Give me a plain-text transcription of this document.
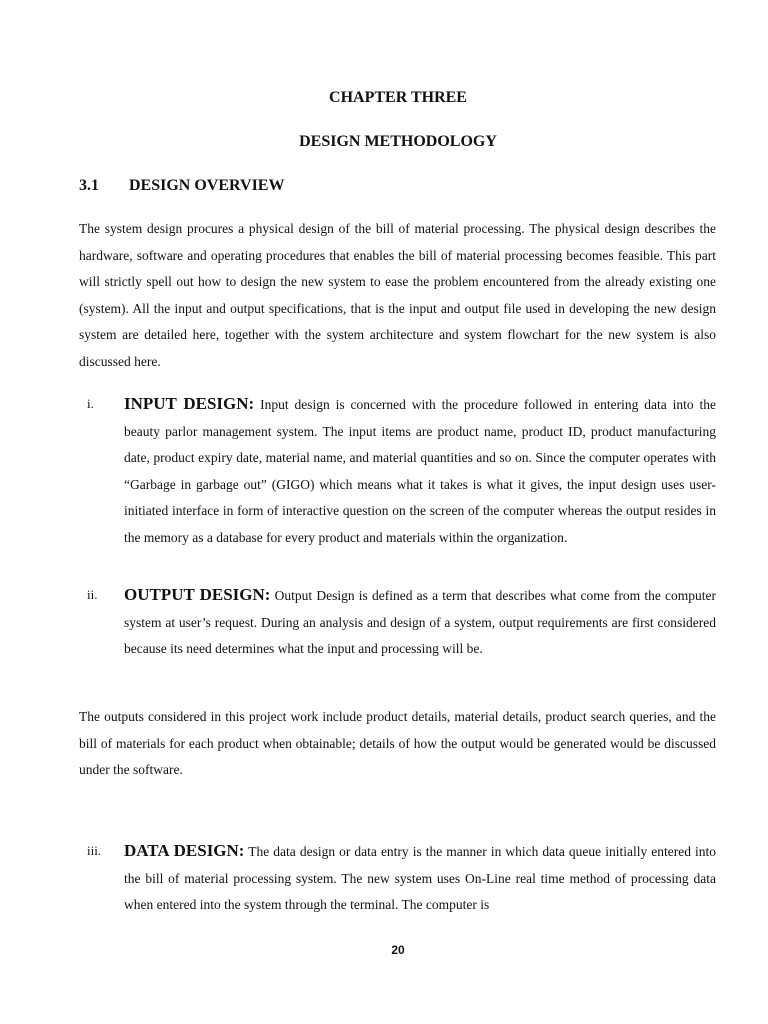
CHAPTER THREE
DESIGN METHODOLOGY
3.1 DESIGN OVERVIEW

The system design procures a physical design of the bill of material processing. The physical design describes the hardware, software and operating procedures that enables the bill of material processing becomes feasible. This part will strictly spell out how to design the new system to ease the problem encountered from the already existing one (system). All the input and output specifications, that is the input and output file used in developing the new design system are detailed here, together with the system architecture and system flowchart for the new system is also discussed here.

i. INPUT DESIGN: Input design is concerned with the procedure followed in entering data into the beauty parlor management system. The input items are product name, product ID, product manufacturing date, product expiry date, material name, and material quantities and so on. Since the computer operates with “Garbage in garbage out” (GIGO) which means what it takes is what it gives, the input design uses user-initiated interface in form of interactive question on the screen of the computer whereas the output resides in the memory as a database for every product and materials within the organization.
ii. OUTPUT DESIGN: Output Design is defined as a term that describes what come from the computer system at user’s request. During an analysis and design of a system, output requirements are first considered because its need determines what the input and processing will be.

The outputs considered in this project work include product details, material details, product search queries, and the bill of materials for each product when obtainable; details of how the output would be generated would be discussed under the software.

iii. DATA DESIGN: The data design or data entry is the manner in which data queue initially entered into the bill of material processing system. The new system uses On-Line real time method of processing data when entered into the system through the terminal. The computer is
20
